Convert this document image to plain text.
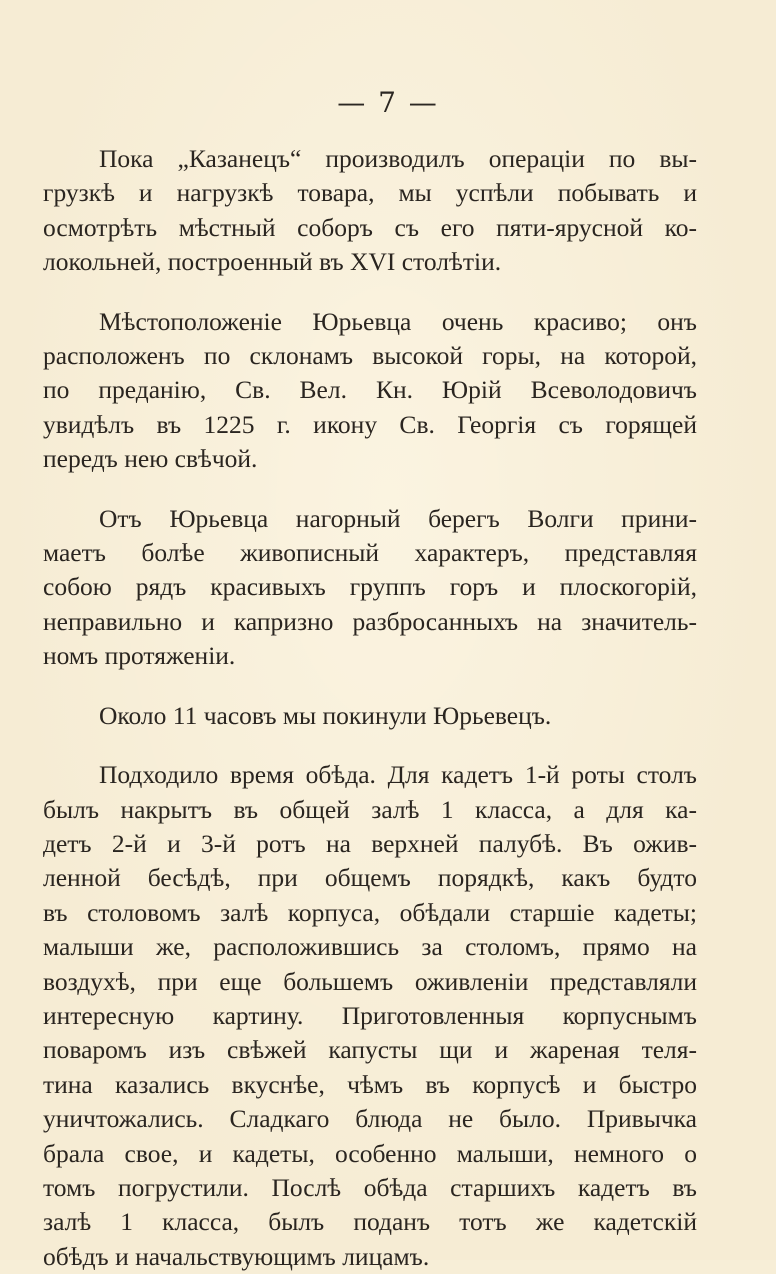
— 7 —
Пока „Казанецъ“ производилъ операціи по вы-
грузкѣ и нагрузкѣ товара, мы успѣли побывать и
осмотрѣть мѣстный соборъ съ его пяти-ярусной ко-
локольней, построенный въ XVI столѣтіи.
Мѣстоположеніе Юрьевца очень красиво; онъ
расположенъ по склонамъ высокой горы, на которой,
по преданію, Св. Вел. Кн. Юрій Всеволодовичъ
увидѣлъ въ 1225 г. икону Св. Георгія съ горящей
передъ нею свѣчой.
Отъ Юрьевца нагорный берегъ Волги прини-
маетъ болѣе живописный характеръ, представляя
собою рядъ красивыхъ группъ горъ и плоскогорій,
неправильно и капризно разбросанныхъ на значитель-
номъ протяженіи.
Около 11 часовъ мы покинули Юрьевецъ.
Подходило время обѣда. Для кадетъ 1-й роты столъ
былъ накрытъ въ общей залѣ 1 класса, а для ка-
детъ 2-й и 3-й ротъ на верхней палубѣ. Въ ожив-
ленной бесѣдѣ, при общемъ порядкѣ, какъ будто
въ столовомъ залѣ корпуса, обѣдали старшіе кадеты;
малыши же, расположившись за столомъ, прямо на
воздухѣ, при еще большемъ оживленіи представляли
интересную картину. Приготовленныя корпуснымъ
поваромъ изъ свѣжей капусты щи и жареная теля-
тина казались вкуснѣе, чѣмъ въ корпусѣ и быстро
уничтожались. Сладкаго блюда не было. Привычка
брала свое, и кадеты, особенно малыши, немного о
томъ погрустили. Послѣ обѣда старшихъ кадетъ въ
залѣ 1 класса, былъ поданъ тотъ же кадетскій
обѣдъ и начальствующимъ лицамъ.
